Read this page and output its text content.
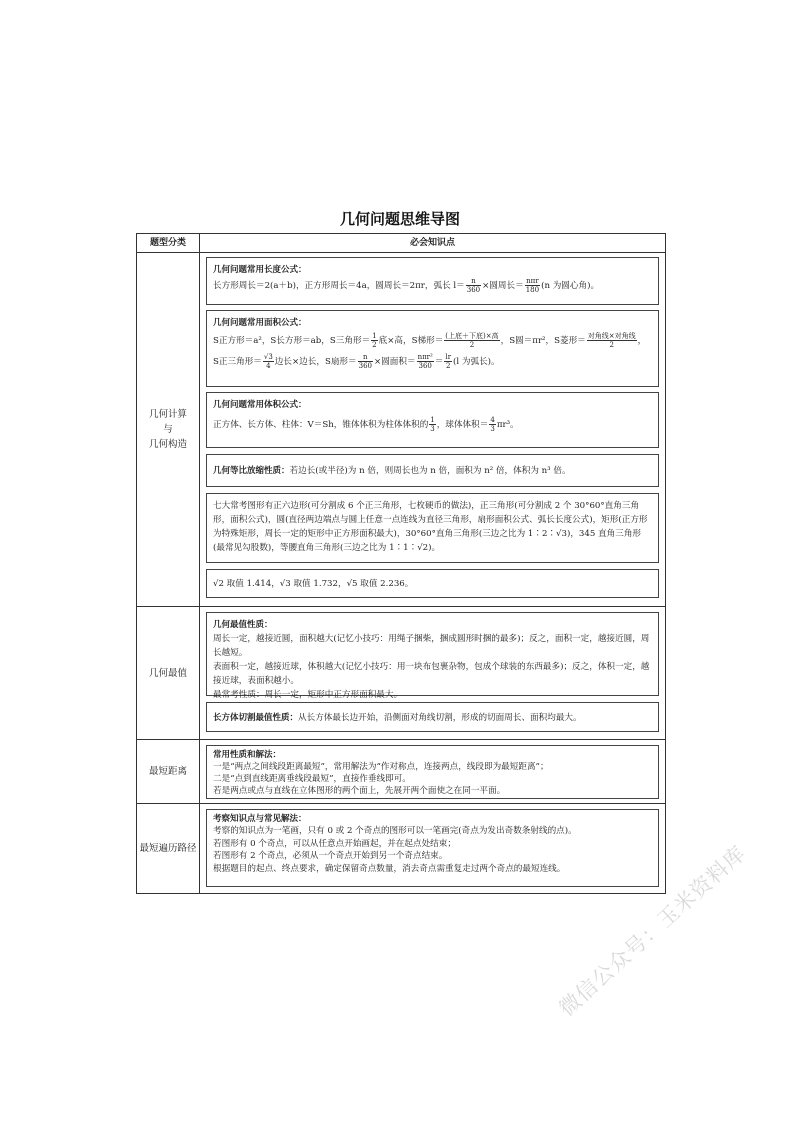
几何问题思维导图
题型分类	必会知识点
几何计算
与
几何构造
几何问题常用长度公式：
长方形周长＝2(a＋b)，正方形周长＝4a，圆周长＝2πr，弧长 $l= \frac{n}{360}$ ×圆周长＝ $\frac{\text{nπr}}{180} (n$ 为圆心角)。
几何问题常用面积公式：
S正方形＝a²，S长方形＝ab，S三角形＝ $\frac{1}{2}$ 底×高，S梯形＝ $\frac{\text{(上底＋下底)×高}}{2}$ ，S圆＝πr²，S菱形＝ $\frac{\text{对角线×对角线}}{2}$ ，
S正三角形＝ $\frac{√3}{4}$ 边长×边长，S扇形＝ $\frac{n}{360}$ ×圆面积＝ $\frac{\text{nπr²}}{360} = \frac{lr}{2} (l$ 为弧长)。
几何问题常用体积公式：
正方体、长方体、柱体：V＝Sh，锥体体积为柱体体积的 $\frac{1}{3}$ ，球体体积＝ $\frac{4}{3} \pi r^3$。
几何等比放缩性质：若边长(或半径)为 n 倍，则周长也为 n 倍，面积为 n² 倍，体积为 n³ 倍。
七大常考图形有正六边形(可分割成 6 个正三角形，七枚硬币的做法)，正三角形(可分割成 2 个 30°60°直角三角形，面积公式)，圆(直径两边端点与圆上任意一点连线为直径三角形，扇形面积公式、弧长长度公式)，矩形(正方形为特殊矩形，周长一定的矩形中正方形面积最大)，30°60°直角三角形(三边之比为 1∶2∶√3)，345 直角三角形(最常见勾股数)，等腰直角三角形(三边之比为 1∶1∶√2)。
√2 取值 1.414，√3 取值 1.732，√5 取值 2.236。
几何最值
几何最值性质：
周长一定，越接近圆，面积越大(记忆小技巧：用绳子捆柴，捆成圆形时捆的最多)；反之，面积一定，越接近圆，周长越短。
表面积一定，越接近球，体积越大(记忆小技巧：用一块布包裹杂物，包成个球装的东西最多)；反之，体积一定，越接近球，表面积越小。
最常考性质：周长一定，矩形中正方形面积最大。
长方体切割最值性质：从长方体最长边开始，沿侧面对角线切割，形成的切面周长、面积均最大。
最短距离
常用性质和解法：
一是“两点之间线段距离最短”，常用解法为“作对称点，连接两点，线段即为最短距离”；
二是“点到直线距离垂线段最短”，直接作垂线即可。
若是两点或点与直线在立体图形的两个面上，先展开两个面使之在同一平面。
最短遍历路径
考察知识点与常见解法：
考察的知识点为一笔画，只有 0 或 2 个奇点的图形可以一笔画完(奇点为发出奇数条射线的点)。
若图形有 0 个奇点，可以从任意点开始画起，并在起点处结束；
若图形有 2 个奇点，必须从一个奇点开始到另一个奇点结束。
根据题目的起点、终点要求，确定保留奇点数量，消去奇点需重复走过两个奇点的最短连线。
微信公众号：玉米资料库
